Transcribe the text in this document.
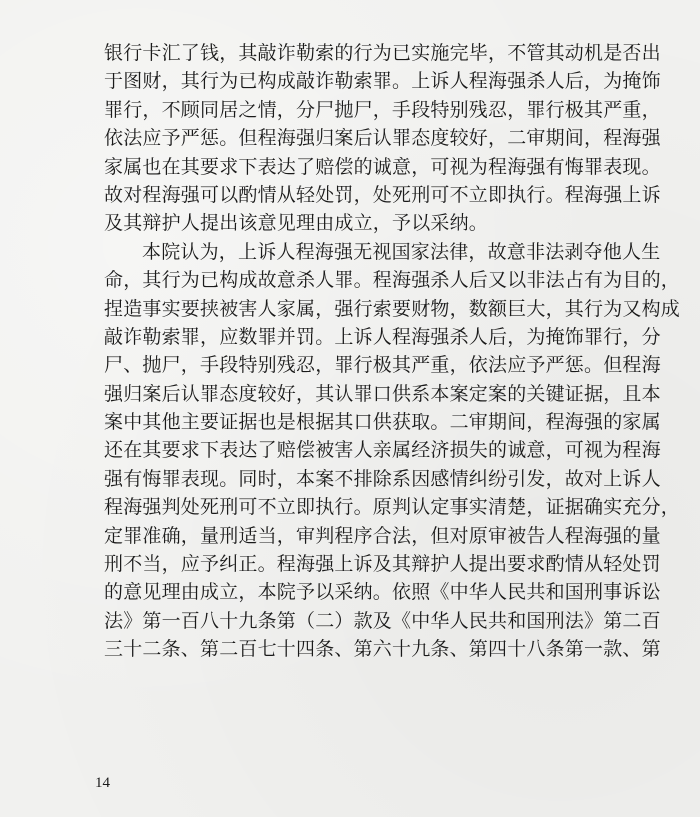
银行卡汇了钱，其敲诈勒索的行为已实施完毕，不管其动机是否出
于图财，其行为已构成敲诈勒索罪。上诉人程海强杀人后，为掩饰
罪行，不顾同居之情，分尸抛尸，手段特别残忍，罪行极其严重，
依法应予严惩。但程海强归案后认罪态度较好，二审期间，程海强
家属也在其要求下表达了赔偿的诚意，可视为程海强有悔罪表现。
故对程海强可以酌情从轻处罚，处死刑可不立即执行。程海强上诉
及其辩护人提出该意见理由成立，予以采纳。
本院认为，上诉人程海强无视国家法律，故意非法剥夺他人生
命，其行为已构成故意杀人罪。程海强杀人后又以非法占有为目的，
捏造事实要挟被害人家属，强行索要财物，数额巨大，其行为又构成
敲诈勒索罪，应数罪并罚。上诉人程海强杀人后，为掩饰罪行，分
尸、抛尸，手段特别残忍，罪行极其严重，依法应予严惩。但程海
强归案后认罪态度较好，其认罪口供系本案定案的关键证据，且本
案中其他主要证据也是根据其口供获取。二审期间，程海强的家属
还在其要求下表达了赔偿被害人亲属经济损失的诚意，可视为程海
强有悔罪表现。同时，本案不排除系因感情纠纷引发，故对上诉人
程海强判处死刑可不立即执行。原判认定事实清楚，证据确实充分，
定罪准确，量刑适当，审判程序合法，但对原审被告人程海强的量
刑不当，应予纠正。程海强上诉及其辩护人提出要求酌情从轻处罚
的意见理由成立，本院予以采纳。依照《中华人民共和国刑事诉讼
法》第一百八十九条第（二）款及《中华人民共和国刑法》第二百
三十二条、第二百七十四条、第六十九条、第四十八条第一款、第
14
